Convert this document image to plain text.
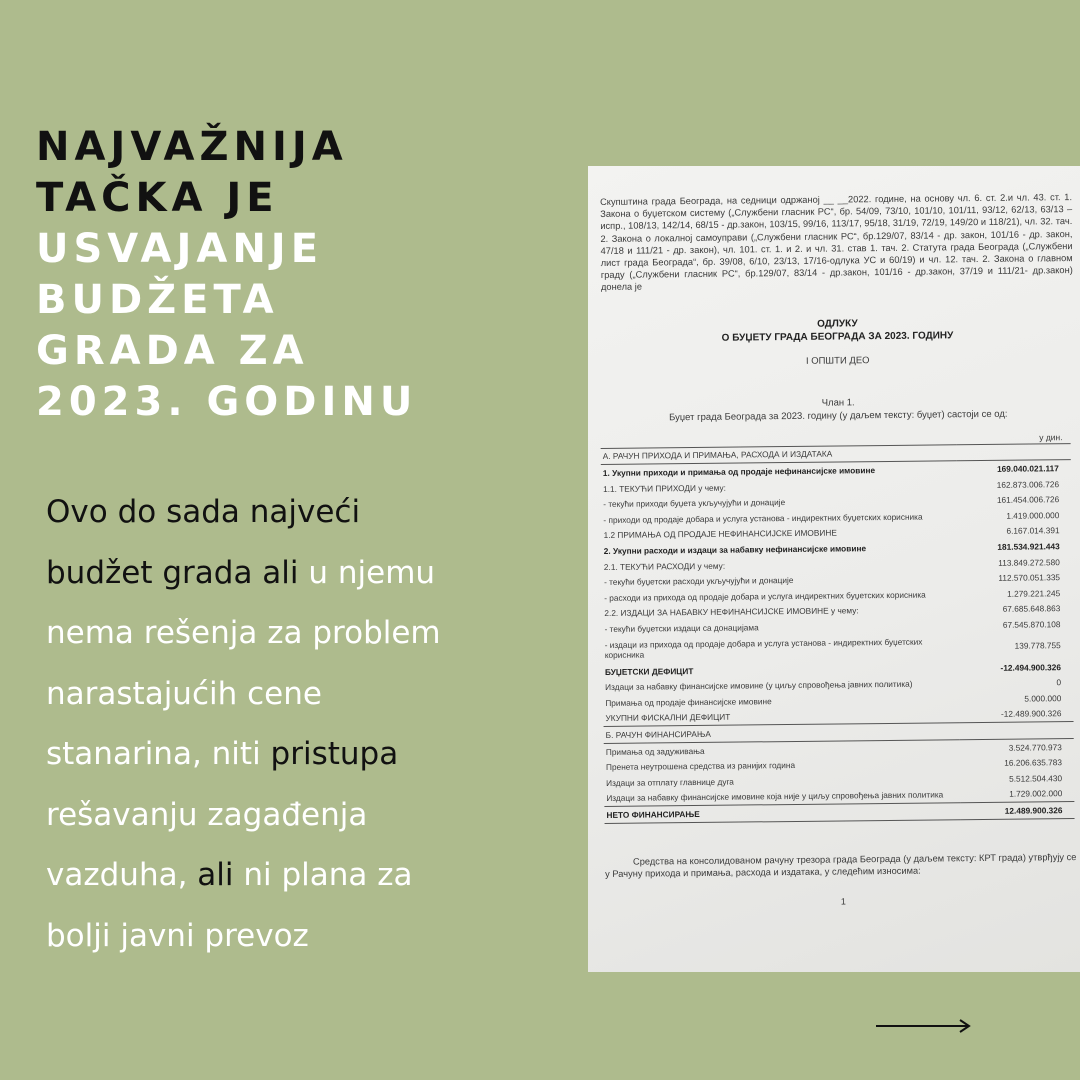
NAJVAŽNIJA
TAČKA JE
USVAJANJE
BUDŽETA
GRADA ZA
2023. GODINU
Ovo do sada najveći
budžet grada ali u njemu
nema rešenja za problem
narastajućih cene
stanarina, niti pristupa
rešavanju zagađenja
vazduha, ali ni plana za
bolji javni prevoz
Скупштина града Београда, на седници одржаној __ __2022. године, на основу чл. 6. ст. 2.и чл. 43. ст. 1. Закона о буџетском систему („Службени гласник РС“, бр. 54/09, 73/10, 101/10, 101/11, 93/12, 62/13, 63/13 – испр., 108/13, 142/14, 68/15 - др.закон, 103/15, 99/16, 113/17, 95/18, 31/19, 72/19, 149/20 и 118/21), чл. 32. тач. 2. Закона о локалној самоуправи („Службени гласник РС“, бр.129/07, 83/14 - др. закон, 101/16 - др. закон, 47/18 и 111/21 - др. закон), чл. 101. ст. 1. и 2. и чл. 31. став 1. тач. 2. Статута града Београда („Службени лист града Београда“, бр. 39/08, 6/10, 23/13, 17/16-одлука УС и 60/19) и чл. 12. тач. 2. Закона о главном граду („Службени гласник РС“, бр.129/07, 83/14 - др.закон, 101/16 - др.закон, 37/19 и 111/21- др.закон) донела је
ОДЛУКУ
О БУЏЕТУ ГРАДА БЕОГРАДА ЗА 2023. ГОДИНУ
I ОПШТИ ДЕО
Члан 1.
Буџет града Београда за 2023. годину (у даљем тексту: буџет) састоји се од:
у дин.
А. РАЧУН ПРИХОДА И ПРИМАЊА, РАСХОДА И ИЗДАТАКА	
1. Укупни приходи и примања од продаје нефинансијске имовине	169.040.021.117
1.1. ТЕКУЋИ ПРИХОДИ у чему:	162.873.006.726
- текући приходи буџета укључујући и донације	161.454.006.726
- приходи од продаје добара и услуга установа - индиректних буџетских корисника	1.419.000.000
1.2 ПРИМАЊА ОД ПРОДАЈЕ НЕФИНАНСИЈСКЕ ИМОВИНЕ	6.167.014.391
2. Укупни расходи и издаци за набавку нефинансијске имовине	181.534.921.443
2.1. ТЕКУЋИ РАСХОДИ у чему:	113.849.272.580
- текући буџетски расходи укључујући и донације	112.570.051.335
- расходи из прихода од продаје добара и услуга индиректних буџетских корисника	1.279.221.245
2.2. ИЗДАЦИ ЗА НАБАВКУ НЕФИНАНСИЈСКЕ ИМОВИНЕ у чему:	67.685.648.863
- текући буџетски издаци са донацијама	67.545.870.108
- издаци из прихода од продаје добара и услуга установа - индиректних буџетских корисника	139.778.755
БУЏЕТСКИ ДЕФИЦИТ	-12.494.900.326
Издаци за набавку финансијске имовине (у циљу спровођења јавних политика)	0
Примања од продаје финансијске имовине	5.000.000
УКУПНИ ФИСКАЛНИ ДЕФИЦИТ	-12.489.900.326
Б. РАЧУН ФИНАНСИРАЊА	
Примања од задуживања	3.524.770.973
Пренета неутрошена средства из ранијих година	16.206.635.783
Издаци за отплату главнице дуга	5.512.504.430
Издаци за набавку финансијске имовине која није у циљу спровођења јавних политика	1.729.002.000
НЕТО ФИНАНСИРАЊЕ	12.489.900.326
Средства на консолидованом рачуну трезора града Београда (у даљем тексту: КРТ града) утврђују се у Рачуну прихода и примања, расхода и издатака, у следећим износима:
1
